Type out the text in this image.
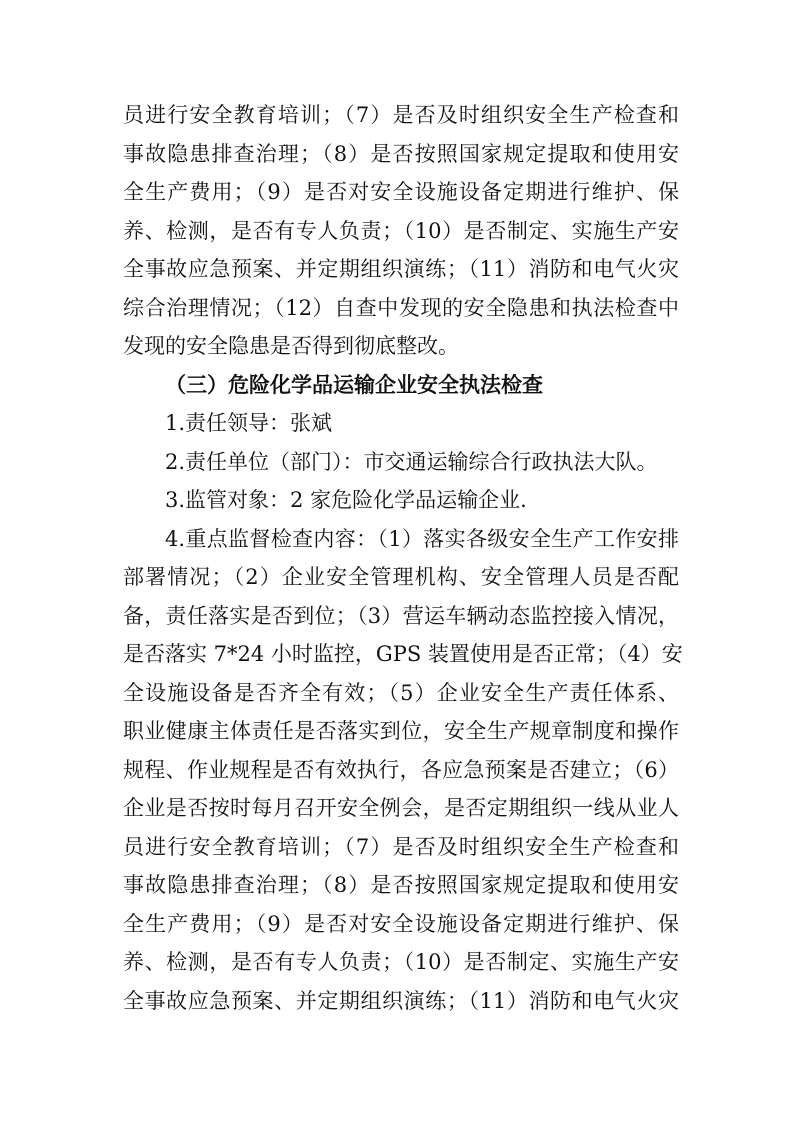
员进行安全教育培训；（7）是否及时组织安全生产检查和
事故隐患排查治理；（8）是否按照国家规定提取和使用安
全生产费用；（9）是否对安全设施设备定期进行维护、保
养、检测，是否有专人负责；（10）是否制定、实施生产安
全事故应急预案、并定期组织演练；（11）消防和电气火灾
综合治理情况；（12）自查中发现的安全隐患和执法检查中
发现的安全隐患是否得到彻底整改。
（三）危险化学品运输企业安全执法检查
1.责任领导：张斌
2.责任单位（部门）：市交通运输综合行政执法大队。
3.监管对象：2 家危险化学品运输企业.
4.重点监督检查内容：（1）落实各级安全生产工作安排
部署情况；（2）企业安全管理机构、安全管理人员是否配
备，责任落实是否到位；（3）营运车辆动态监控接入情况，
是否落实 7*24 小时监控，GPS 装置使用是否正常；（4）安
全设施设备是否齐全有效；（5）企业安全生产责任体系、
职业健康主体责任是否落实到位，安全生产规章制度和操作
规程、作业规程是否有效执行，各应急预案是否建立；（6）
企业是否按时每月召开安全例会，是否定期组织一线从业人
员进行安全教育培训；（7）是否及时组织安全生产检查和
事故隐患排查治理；（8）是否按照国家规定提取和使用安
全生产费用；（9）是否对安全设施设备定期进行维护、保
养、检测，是否有专人负责；（10）是否制定、实施生产安
全事故应急预案、并定期组织演练；（11）消防和电气火灾
